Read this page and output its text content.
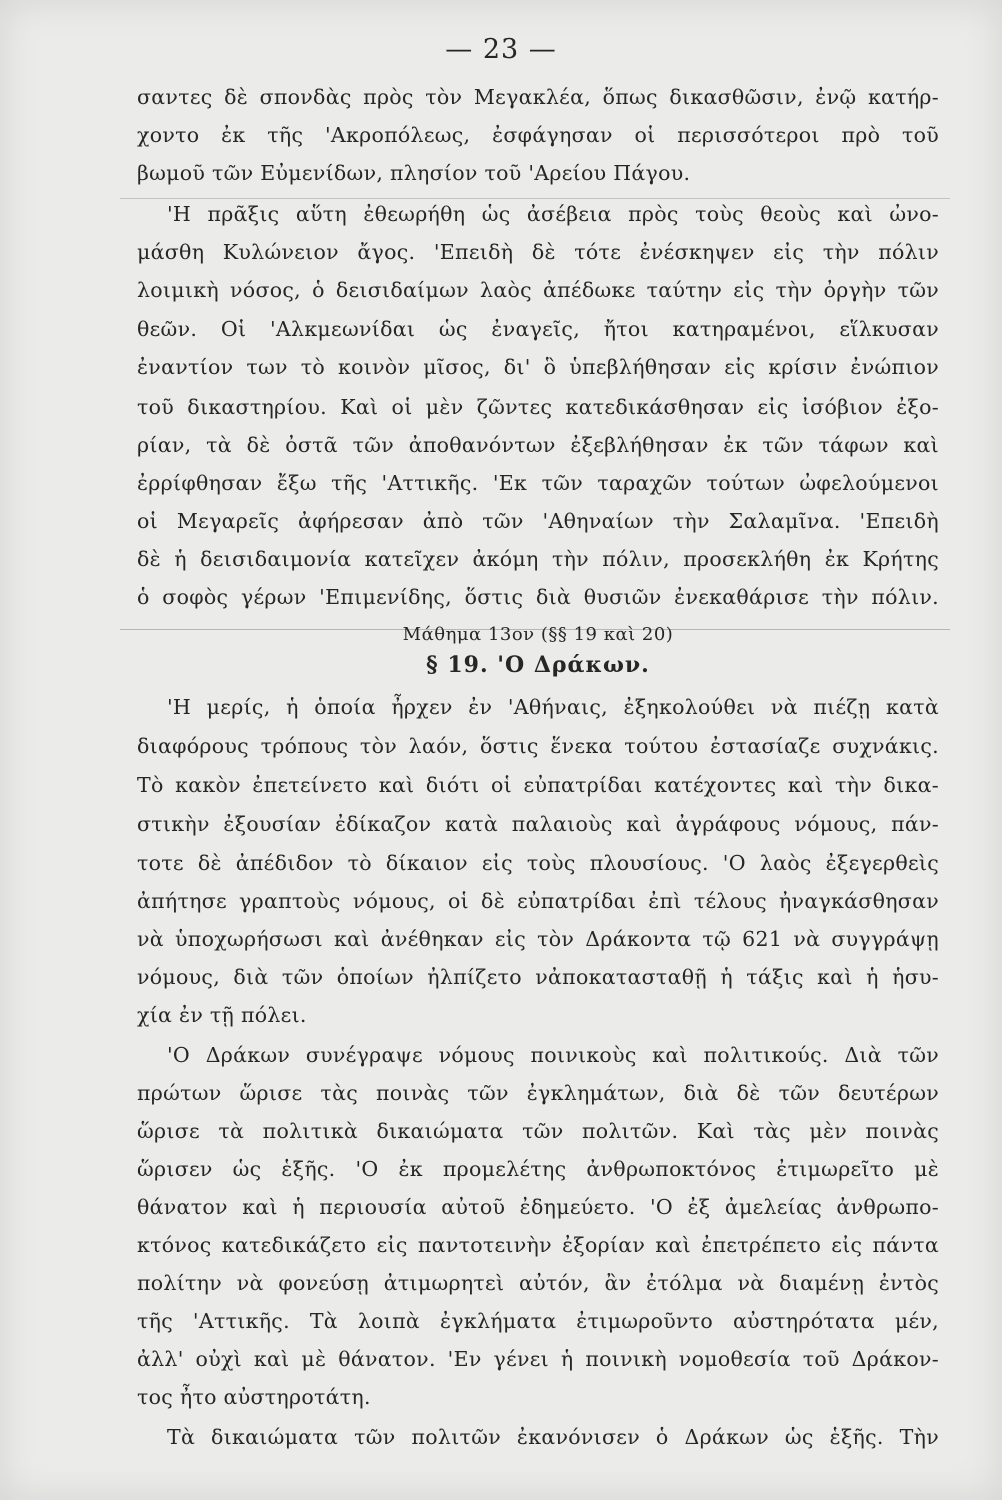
— 23 —
σαντες δὲ σπονδὰς πρὸς τὸν Μεγακλέα, ὅπως δικασθῶσιν, ἐνῷ κατήρ-
χοντο ἐκ τῆς 'Ακροπόλεως, ἐσφάγησαν οἱ περισσότεροι πρὸ τοῦ
βωμοῦ τῶν Εὐμενίδων, πλησίον τοῦ 'Αρείου Πάγου.
'Η πρᾶξις αὕτη ἐθεωρήθη ὡς ἀσέβεια πρὸς τοὺς θεοὺς καὶ ὠνο-
μάσθη Κυλώνειον ἄγος. 'Επειδὴ δὲ τότε ἐνέσκηψεν εἰς τὴν πόλιν
λοιμικὴ νόσος, ὁ δεισιδαίμων λαὸς ἀπέδωκε ταύτην εἰς τὴν ὀργὴν τῶν
θεῶν. Οἱ 'Αλκμεωνίδαι ὡς ἐναγεῖς, ἤτοι κατηραμένοι, εἵλκυσαν
ἐναντίον των τὸ κοινὸν μῖσος, δι' ὃ ὑπεβλήθησαν εἰς κρίσιν ἐνώπιον
τοῦ δικαστηρίου. Καὶ οἱ μὲν ζῶντες κατεδικάσθησαν εἰς ἰσόβιον ἐξο-
ρίαν, τὰ δὲ ὀστᾶ τῶν ἀποθανόντων ἐξεβλήθησαν ἐκ τῶν τάφων καὶ
ἐρρίφθησαν ἔξω τῆς 'Αττικῆς. 'Εκ τῶν ταραχῶν τούτων ὠφελούμενοι
οἱ Μεγαρεῖς ἀφήρεσαν ἀπὸ τῶν 'Αθηναίων τὴν Σαλαμῖνα. 'Επειδὴ
δὲ ἡ δεισιδαιμονία κατεῖχεν ἀκόμη τὴν πόλιν, προσεκλήθη ἐκ Κρήτης
ὁ σοφὸς γέρων 'Επιμενίδης, ὅστις διὰ θυσιῶν ἐνεκαθάρισε τὴν πόλιν.
Μάθημα 13ον (§§ 19 καὶ 20)
§ 19. 'Ο Δράκων.
'Η μερίς, ἡ ὁποία ἦρχεν ἐν 'Αθήναις, ἐξηκολούθει νὰ πιέζῃ κατὰ
διαφόρους τρόπους τὸν λαόν, ὅστις ἕνεκα τούτου ἐστασίαζε συχνάκις.
Τὸ κακὸν ἐπετείνετο καὶ διότι οἱ εὐπατρίδαι κατέχοντες καὶ τὴν δικα-
στικὴν ἐξουσίαν ἐδίκαζον κατὰ παλαιοὺς καὶ ἀγράφους νόμους, πάν-
τοτε δὲ ἀπέδιδον τὸ δίκαιον εἰς τοὺς πλουσίους. 'Ο λαὸς ἐξεγερθεὶς
ἀπήτησε γραπτοὺς νόμους, οἱ δὲ εὐπατρίδαι ἐπὶ τέλους ἠναγκάσθησαν
νὰ ὑποχωρήσωσι καὶ ἀνέθηκαν εἰς τὸν Δράκοντα τῷ 621 νὰ συγγράψῃ
νόμους, διὰ τῶν ὁποίων ἠλπίζετο νἀποκατασταθῇ ἡ τάξις καὶ ἡ ἡσυ-
χία ἐν τῇ πόλει.
'Ο Δράκων συνέγραψε νόμους ποινικοὺς καὶ πολιτικούς. Διὰ τῶν
πρώτων ὥρισε τὰς ποινὰς τῶν ἐγκλημάτων, διὰ δὲ τῶν δευτέρων
ὥρισε τὰ πολιτικὰ δικαιώματα τῶν πολιτῶν. Καὶ τὰς μὲν ποινὰς
ὥρισεν ὡς ἑξῆς. 'Ο ἐκ προμελέτης ἀνθρωποκτόνος ἐτιμωρεῖτο μὲ
θάνατον καὶ ἡ περιουσία αὐτοῦ ἐδημεύετο. 'Ο ἐξ ἀμελείας ἀνθρωπο-
κτόνος κατεδικάζετο εἰς παντοτεινὴν ἐξορίαν καὶ ἐπετρέπετο εἰς πάντα
πολίτην νὰ φονεύσῃ ἀτιμωρητεὶ αὐτόν, ἂν ἐτόλμα νὰ διαμένῃ ἐντὸς
τῆς 'Αττικῆς. Τὰ λοιπὰ ἐγκλήματα ἐτιμωροῦντο αὐστηρότατα μέν,
ἀλλ' οὐχὶ καὶ μὲ θάνατον. 'Εν γένει ἡ ποινικὴ νομοθεσία τοῦ Δράκον-
τος ἦτο αὐστηροτάτη.
Τὰ δικαιώματα τῶν πολιτῶν ἐκανόνισεν ὁ Δράκων ὡς ἑξῆς. Τὴν
